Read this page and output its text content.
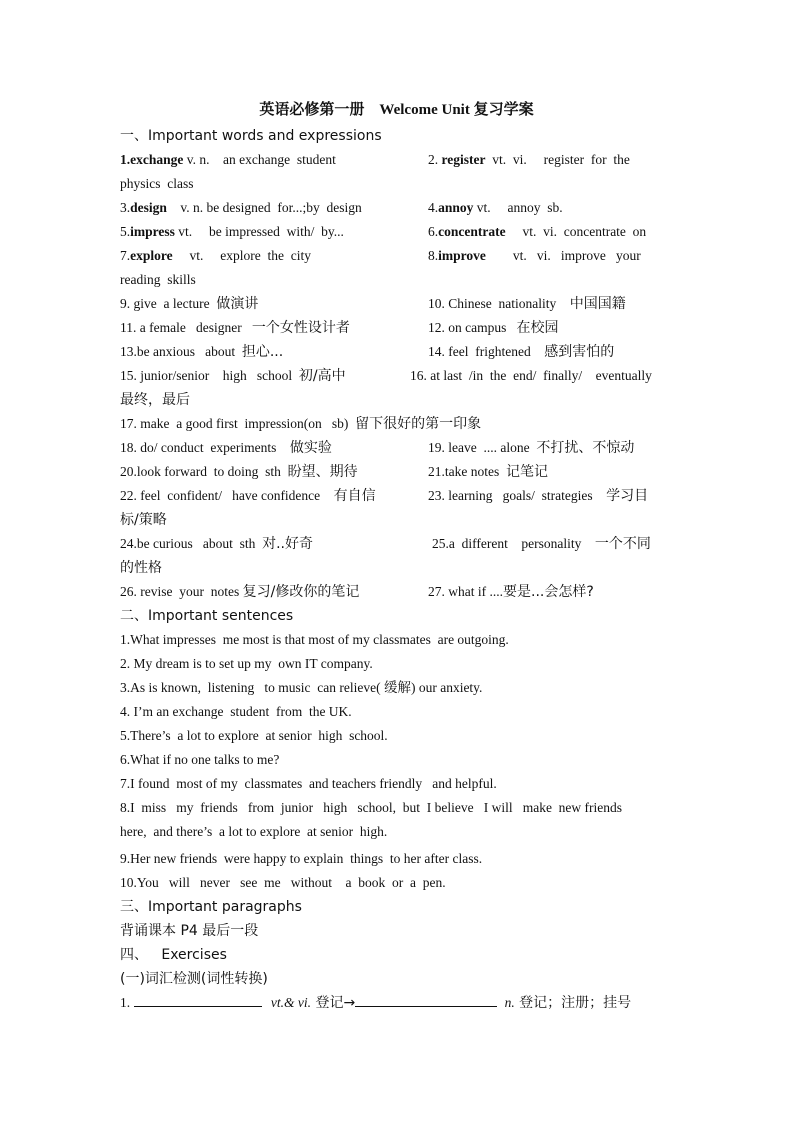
英语必修第一册　Welcome Unit 复习学案
一、Important words and expressions
1.exchange v. n.    an exchange  student	2. register  vt.  vi.     register  for  the
physics  class
3.design    v. n. be designed  for...;by  design	4.annoy vt.     annoy  sb.
5.impress vt.     be impressed  with/  by...	6.concentrate     vt.  vi.  concentrate  on
7.explore     vt.     explore  the  city	8.improve        vt.   vi.   improve   your
reading  skills
9. give  a lecture  做演讲	10. Chinese  nationality    中国国籍
11. a female   designer   一个女性设计者	12. on campus   在校园
13.be anxious   about  担心...	14. feel  frightened    感到害怕的
15. junior/senior    high   school  初/高中	16. at last  /in  the  end/  finally/    eventually
最终，最后
17. make  a good first  impression(on   sb)  留下很好的第一印象
18. do/ conduct  experiments    做实验	19. leave  .... alone  不打扰、不惊动
20.look forward  to doing  sth  盼望、期待	21.take notes  记笔记
22. feel  confident/   have confidence    有自信	23. learning   goals/  strategies    学习目
标/策略
24.be curious   about  sth  对..好奇	25.a  different    personality    一个不同
的性格
26. revise  your  notes 复习/修改你的笔记	27. what if ....要是...会怎样?
二、Important sentences
1.What impresses  me most is that most of my classmates  are outgoing.
2. My dream is to set up my  own IT company.
3.As is known,  listening   to music  can relieve( 缓解) our anxiety.
4. I’m an exchange  student  from  the UK.
5.There’s  a lot to explore  at senior  high  school.
6.What if no one talks to me?
7.I found  most of my  classmates  and teachers friendly   and helpful.
8.I  miss   my  friends   from  junior   high   school,  but  I believe   I will   make  new friends
here,  and there’s  a lot to explore  at senior  high.
9.Her new friends  were happy to explain  things  to her after class.
10.You   will   never   see  me   without    a  book  or  a  pen.
三、Important paragraphs
背诵课本 P4 最后一段
四、   Exercises
(一)词汇检测(词性转换)
1.	vt.& vi. 登记→	n. 登记；注册；挂号
